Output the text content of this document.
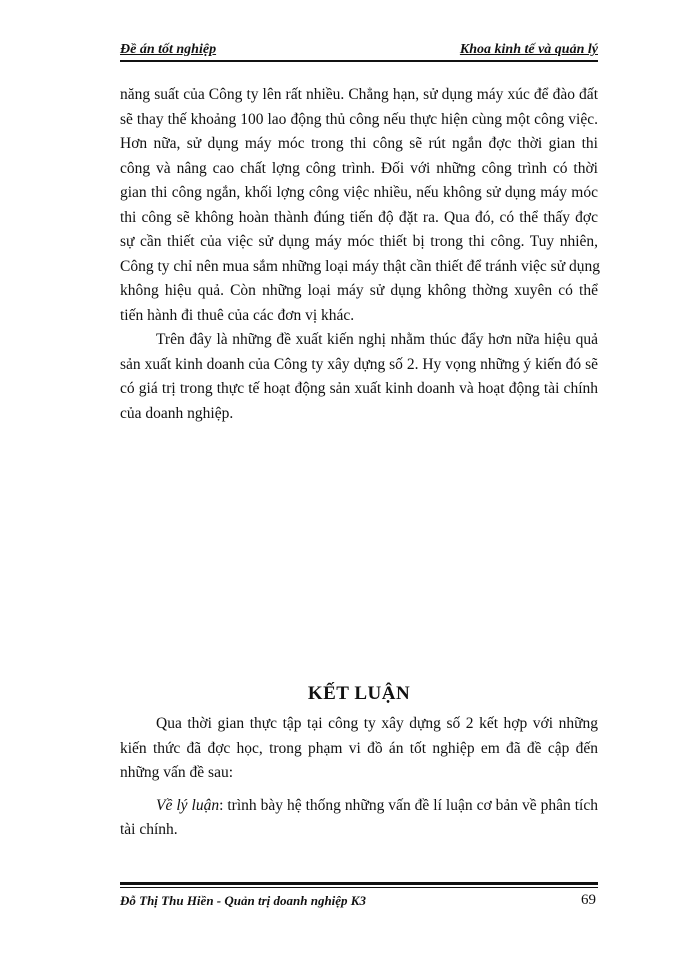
Đề án tốt nghiệp	Khoa kinh tế và quản lý

năng suất của Công ty lên rất nhiều. Chẳng hạn, sử dụng máy xúc để đào đất
sẽ thay thế khoảng 100 lao động thủ công nếu thực hiện cùng một công việc.
Hơn nữa, sử dụng máy móc trong thi công sẽ rút ngắn đợc thời gian thi
công và nâng cao chất lợng công trình. Đối với những công trình có thời
gian thi công ngắn, khối lợng công việc nhiều, nếu không sử dụng máy móc
thi công sẽ không hoàn thành đúng tiến độ đặt ra. Qua đó, có thể thấy đợc
sự cần thiết của việc sử dụng máy móc thiết bị trong thi công. Tuy nhiên,
Công ty chỉ nên mua sắm những loại máy thật cần thiết để tránh việc sử dụng
không hiệu quả. Còn những loại máy sử dụng không thờng xuyên có thể
tiến hành đi thuê của các đơn vị khác.

Trên đây là những đề xuất kiến nghị nhằm thúc đẩy hơn nữa hiệu quả
sản xuất kinh doanh của Công ty xây dựng số 2. Hy vọng những ý kiến đó sẽ
có giá trị trong thực tế hoạt động sản xuất kinh doanh và hoạt động tài chính
của doanh nghiệp.

KẾT LUẬN
Qua thời gian thực tập tại công ty xây dựng số 2 kết hợp với những
kiến thức đã đợc học, trong phạm vi đồ án tốt nghiệp em đã đề cập đến
những vấn đề sau:
Về lý luận: trình bày hệ thống những vấn đề lí luận cơ bản về phân tích
tài chính.
Đỗ Thị Thu Hiền - Quản trị doanh nghiệp K3	69
